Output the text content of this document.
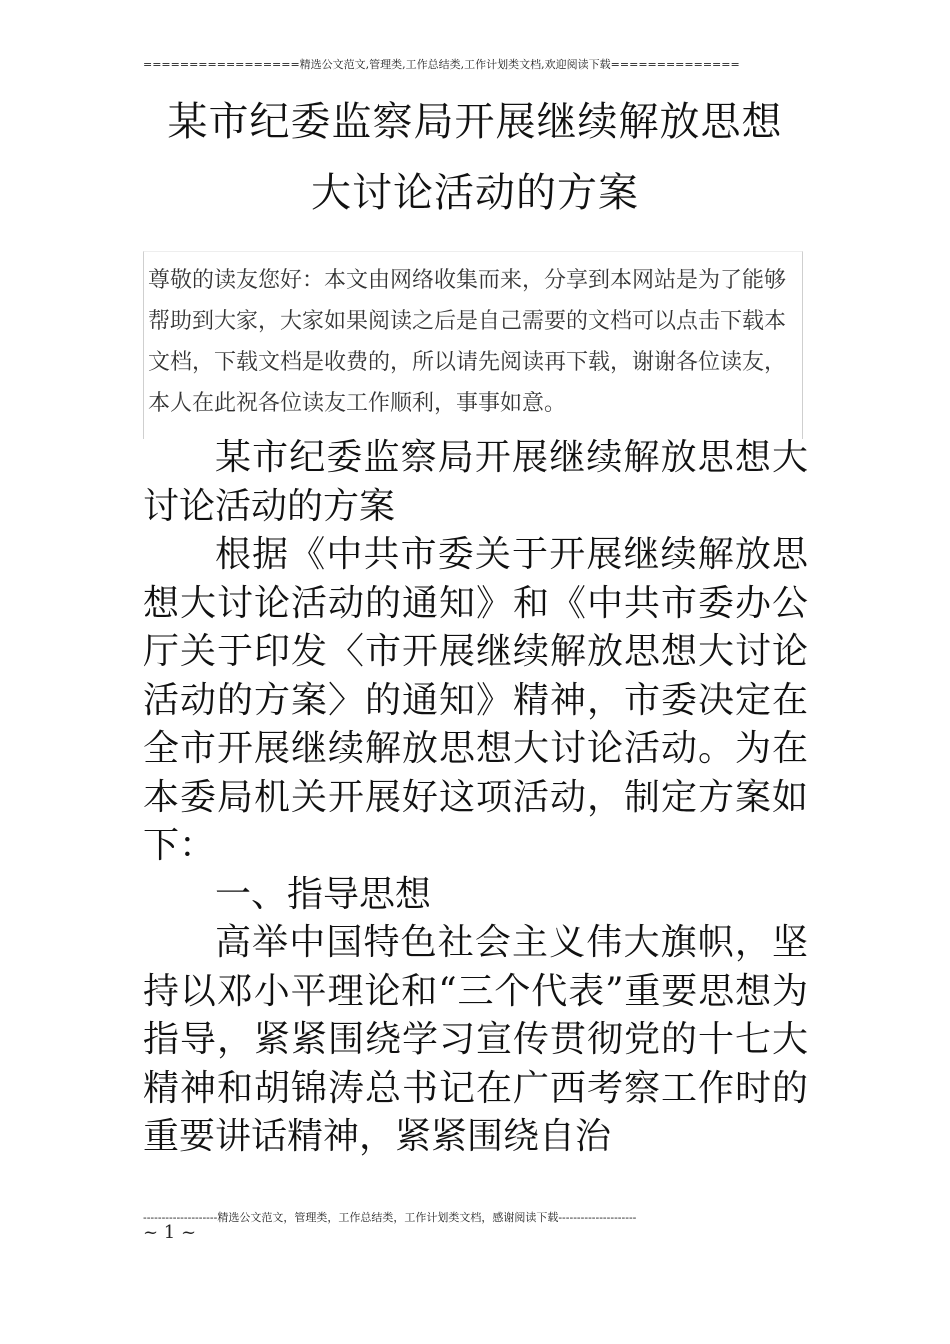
=================精选公文范文,管理类,工作总结类,工作计划类文档,欢迎阅读下载==============
某市纪委监察局开展继续解放思想
大讨论活动的方案
尊敬的读友您好：本文由网络收集而来，分享到本网站是为了能够帮助到大家，大家如果阅读之后是自己需要的文档可以点击下载本文档，下载文档是收费的，所以请先阅读再下载，谢谢各位读友，本人在此祝各位读友工作顺利，事事如意。

某市纪委监察局开展继续解放思想大讨论活动的方案

根据《中共市委关于开展继续解放思想大讨论活动的通知》和《中共市委办公厅关于印发〈市开展继续解放思想大讨论活动的方案〉的通知》精神，市委决定在全市开展继续解放思想大讨论活动。为在本委局机关开展好这项活动，制定方案如下：

一、指导思想

高举中国特色社会主义伟大旗帜，坚持以邓小平理论和“三个代表”重要思想为指导，紧紧围绕学习宣传贯彻党的十七大精神和胡锦涛总书记在广西考察工作时的重要讲话精神，紧紧围绕自治

--------------------精选公文范文，管理类，工作总结类，工作计划类文档，感谢阅读下载---------------------
~ 1 ~
